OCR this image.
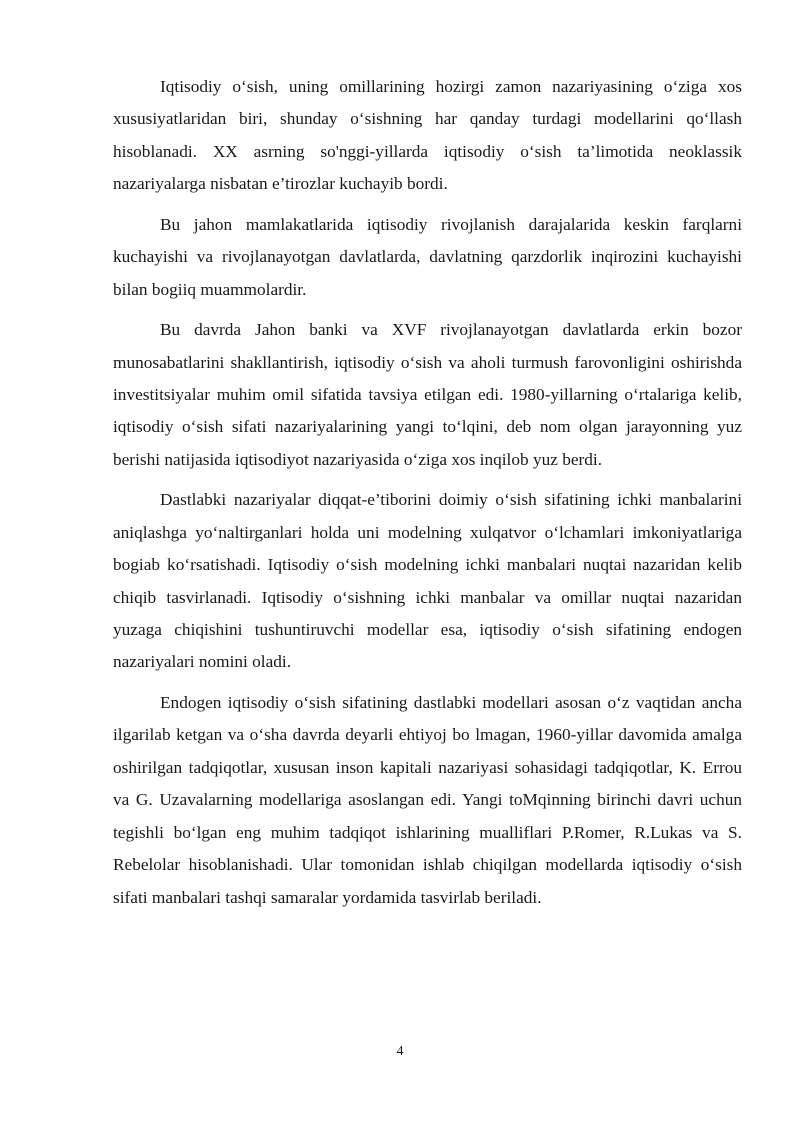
Iqtisodiy o‘sish, uning omillarining hozirgi zamon nazariyasining o‘ziga xos xususiyatlaridan biri, shunday o‘sishning har qanday turdagi modellarini qo‘llash hisoblanadi. XX asrning so'nggi-yillarda iqtisodiy o‘sish ta’limotida neoklassik nazariyalarga nisbatan e’tirozlar kuchayib bordi.

Bu jahon mamlakatlarida iqtisodiy rivojlanish darajalarida keskin farqlarni kuchayishi va rivojlanayotgan davlatlarda, davlatning qarzdorlik inqirozini kuchayishi bilan bogiiq muammolardir.

Bu davrda Jahon banki va XVF rivojlanayotgan davlatlarda erkin bozor munosabatlarini shakllantirish, iqtisodiy o‘sish va aholi turmush farovonligini oshirishda investitsiyalar muhim omil sifatida tavsiya etilgan edi. 1980-yillarning o‘rtalariga kelib, iqtisodiy o‘sish sifati nazariyalarining yangi to‘lqini, deb nom olgan jarayonning yuz berishi natijasida iqtisodiyot nazariyasida o‘ziga xos inqilob yuz berdi.

Dastlabki nazariyalar diqqat-e’tiborini doimiy o‘sish sifatining ichki manbalarini aniqlashga yo‘naltirganlari holda uni modelning xulqatvor o‘lchamlari imkoniyatlariga bogiab ko‘rsatishadi. Iqtisodiy o‘sish modelning ichki manbalari nuqtai nazaridan kelib chiqib tasvirlanadi. Iqtisodiy o‘sishning ichki manbalar va omillar nuqtai nazaridan yuzaga chiqishini tushuntiruvchi modellar esa, iqtisodiy o‘sish sifatining endogen nazariyalari nomini oladi.

Endogen iqtisodiy o‘sish sifatining dastlabki modellari asosan o‘z vaqtidan ancha ilgarilab ketgan va o‘sha davrda deyarli ehtiyoj bo lmagan, 1960-yillar davomida amalga oshirilgan tadqiqotlar, xususan inson kapitali nazariyasi sohasidagi tadqiqotlar, K. Errou va G. Uzavalarning modellariga asoslangan edi. Yangi toMqinning birinchi davri uchun tegishli bo‘lgan eng muhim tadqiqot ishlarining mualliflari P.Romer, R.Lukas va S. Rebelolar hisoblanishadi. Ular tomonidan ishlab chiqilgan modellarda iqtisodiy o‘sish sifati manbalari tashqi samaralar yordamida tasvirlab beriladi.

4
